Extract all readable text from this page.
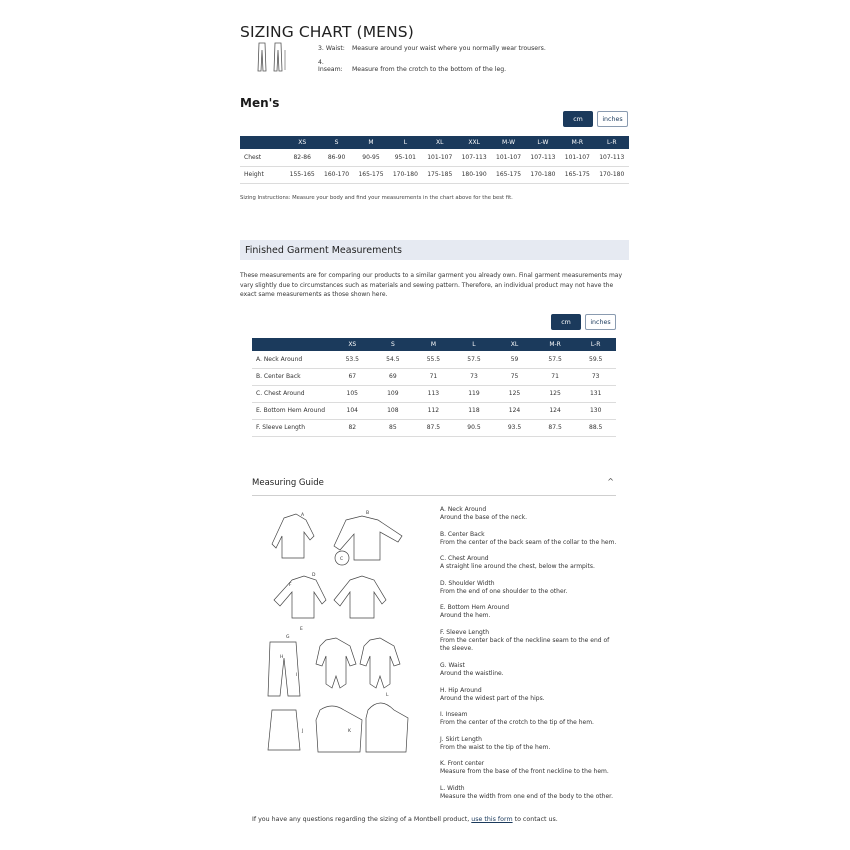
SIZING CHART (MENS)
3. Waist: Measure around your waist where you normally wear trousers.
4. Inseam: Measure from the crotch to the bottom of the leg.
Men's
cm	inches
	XS	S	M	L	XL	XXL	M-W	L-W	M-R	L-R
Chest	82-86	86-90	90-95	95-101	101-107	107-113	101-107	107-113	101-107	107-113
Height	155-165	160-170	165-175	170-180	175-185	180-190	165-175	170-180	165-175	170-180
Sizing Instructions: Measure your body and find your measurements in the chart above for the best fit.
Finished Garment Measurements
These measurements are for comparing our products to a similar garment you already own. Final garment measurements may vary slightly due to circumstances such as materials and sewing pattern. Therefore, an individual product may not have the exact same measurements as those shown here.
cm	inches
	XS	S	M	L	XL	M-R	L-R
A. Neck Around	53.5	54.5	55.5	57.5	59	57.5	59.5
B. Center Back	67	69	71	73	75	71	73
C. Chest Around	105	109	113	119	125	125	131
E. Bottom Hem Around	104	108	112	118	124	124	130
F. Sleeve Length	82	85	87.5	90.5	93.5	87.5	88.5
Measuring Guide	^
A	B
C
D
E
F
G
H
I
J	K
L
A. Neck Around
Around the base of the neck.
B. Center Back
From the center of the back seam of the collar to the hem.
C. Chest Around
A straight line around the chest, below the armpits.
D. Shoulder Width
From the end of one shoulder to the other.
E. Bottom Hem Around
Around the hem.
F. Sleeve Length
From the center back of the neckline seam to the end of the sleeve.
G. Waist
Around the waistline.
H. Hip Around
Around the widest part of the hips.
I. Inseam
From the center of the crotch to the tip of the hem.
J. Skirt Length
From the waist to the tip of the hem.
K. Front center
Measure from the base of the front neckline to the hem.
L. Width
Measure the width from one end of the body to the other.
If you have any questions regarding the sizing of a Montbell product, use this form to contact us.
